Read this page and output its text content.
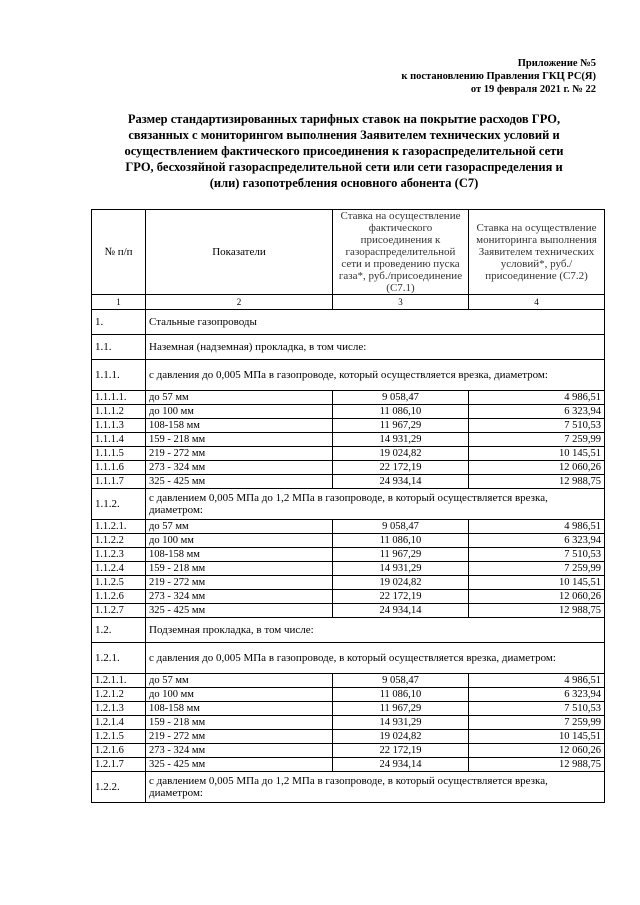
Приложение №5
к постановлению Правления ГКЦ РС(Я)
от 19 февраля 2021 г. № 22
Размер стандартизированных тарифных ставок на покрытие расходов ГРО,
связанных с мониторингом выполнения Заявителем технических условий и
осуществлением фактического присоединения к газораспределительной сети
ГРО, бесхозяйной газораспределительной сети или сети газораспределения и
(или) газопотребления основного абонента (С7)
№ п/п	Показатели	Ставка на осуществление фактического присоединения к газораспределительной сети и проведению пуска газа*, руб./присоединение (С7.1)	Ставка на осуществление мониторинга выполнения Заявителем технических условий*, руб./присоединение (С7.2)
1	2	3	4
1.	Стальные газопроводы		
1.1.	Наземная (надземная) прокладка, в том числе:		
1.1.1.	с давления до 0,005 МПа в газопроводе, который осуществляется врезка, диаметром:		
1.1.1.1.	до 57 мм	9 058,47	4 986,51
1.1.1.2	до 100 мм	11 086,10	6 323,94
1.1.1.3	108-158 мм	11 967,29	7 510,53
1.1.1.4	159 - 218 мм	14 931,29	7 259,99
1.1.1.5	219 - 272 мм	19 024,82	10 145,51
1.1.1.6	273 - 324 мм	22 172,19	12 060,26
1.1.1.7	325 - 425 мм	24 934,14	12 988,75
1.1.2.	с давлением 0,005 МПа до 1,2 МПа в газопроводе, в который осуществляется врезка, диаметром:		
1.1.2.1.	до 57 мм	9 058,47	4 986,51
1.1.2.2	до 100 мм	11 086,10	6 323,94
1.1.2.3	108-158 мм	11 967,29	7 510,53
1.1.2.4	159 - 218 мм	14 931,29	7 259,99
1.1.2.5	219 - 272 мм	19 024,82	10 145,51
1.1.2.6	273 - 324 мм	22 172,19	12 060,26
1.1.2.7	325 - 425 мм	24 934,14	12 988,75
1.2.	Подземная прокладка, в том числе:		
1.2.1.	с давления до 0,005 МПа в газопроводе, в который осуществляется врезка, диаметром:		
1.2.1.1.	до 57 мм	9 058,47	4 986,51
1.2.1.2	до 100 мм	11 086,10	6 323,94
1.2.1.3	108-158 мм	11 967,29	7 510,53
1.2.1.4	159 - 218 мм	14 931,29	7 259,99
1.2.1.5	219 - 272 мм	19 024,82	10 145,51
1.2.1.6	273 - 324 мм	22 172,19	12 060,26
1.2.1.7	325 - 425 мм	24 934,14	12 988,75
1.2.2.	с давлением 0,005 МПа до 1,2 МПа в газопроводе, в который осуществляется врезка, диаметром:		
